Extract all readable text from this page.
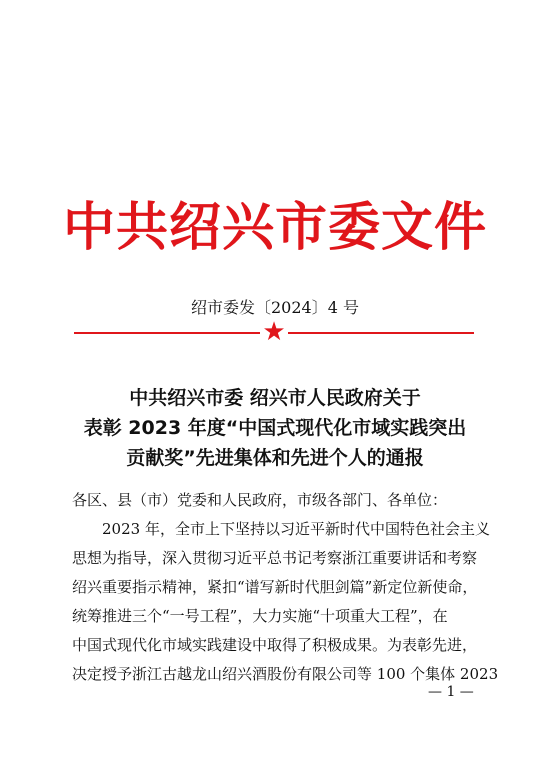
中共绍兴市委文件
绍市委发〔2024〕4 号
★
中共绍兴市委 绍兴市人民政府关于
表彰 2023 年度“中国式现代化市域实践突出
贡献奖”先进集体和先进个人的通报

各区、县（市）党委和人民政府，市级各部门、各单位：

2023 年，全市上下坚持以习近平新时代中国特色社会主义

思想为指导，深入贯彻习近平总书记考察浙江重要讲话和考察

绍兴重要指示精神，紧扣“谱写新时代胆剑篇”新定位新使命，

统筹推进三个“一号工程”，大力实施“十项重大工程”，在

中国式现代化市域实践建设中取得了积极成果。为表彰先进，

决定授予浙江古越龙山绍兴酒股份有限公司等 100 个集体 2023

— 1 —
